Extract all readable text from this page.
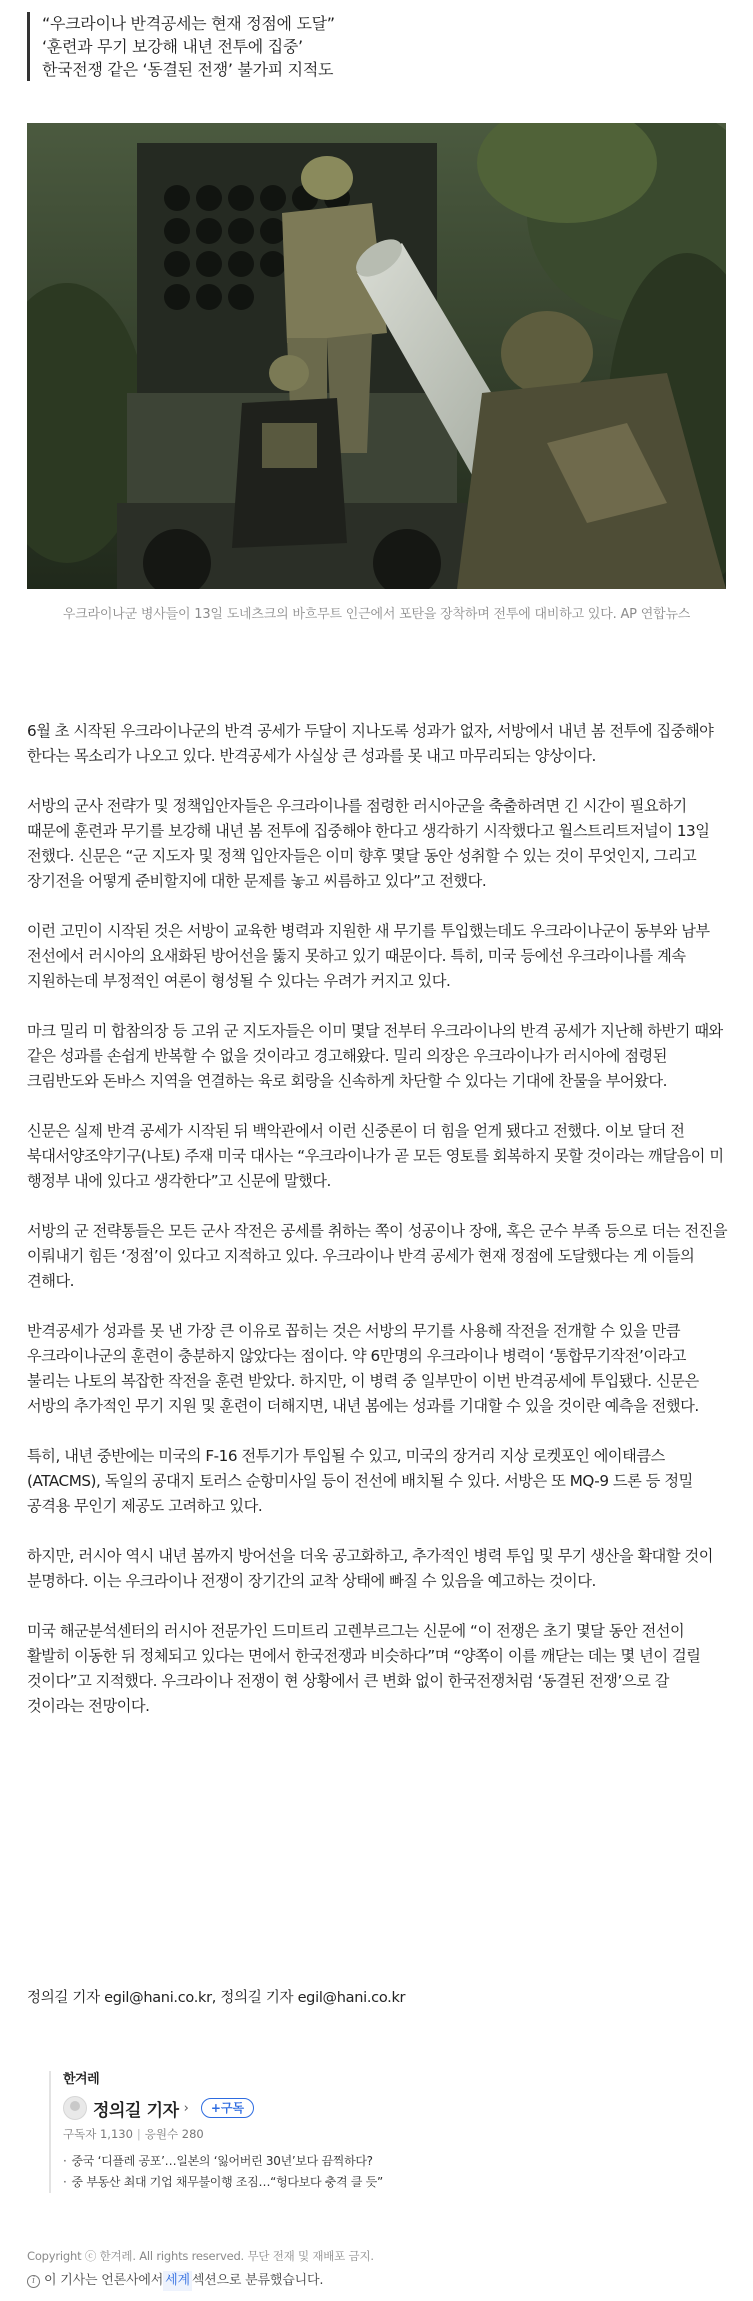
“우크라이나 반격공세는 현재 정점에 도달”

‘훈련과 무기 보강해 내년 전투에 집중’

한국전쟁 같은 ‘동결된 전쟁’ 불가피 지적도

우크라이나군 병사들이 13일 도네츠크의 바흐무트 인근에서 포탄을 장착하며 전투에 대비하고 있다. AP 연합뉴스

6월 초 시작된 우크라이나군의 반격 공세가 두달이 지나도록 성과가 없자, 서방에서 내년 봄 전투에 집중해야 한다는 목소리가 나오고 있다. 반격공세가 사실상 큰 성과를 못 내고 마무리되는 양상이다.

서방의 군사 전략가 및 정책입안자들은 우크라이나를 점령한 러시아군을 축출하려면 긴 시간이 필요하기 때문에 훈련과 무기를 보강해 내년 봄 전투에 집중해야 한다고 생각하기 시작했다고 월스트리트저널이 13일 전했다. 신문은 “군 지도자 및 정책 입안자들은 이미 향후 몇달 동안 성취할 수 있는 것이 무엇인지, 그리고 장기전을 어떻게 준비할지에 대한 문제를 놓고 씨름하고 있다”고 전했다.

이런 고민이 시작된 것은 서방이 교육한 병력과 지원한 새 무기를 투입했는데도 우크라이나군이 동부와 남부 전선에서 러시아의 요새화된 방어선을 뚫지 못하고 있기 때문이다. 특히, 미국 등에선 우크라이나를 계속 지원하는데 부정적인 여론이 형성될 수 있다는 우려가 커지고 있다.

마크 밀리 미 합참의장 등 고위 군 지도자들은 이미 몇달 전부터 우크라이나의 반격 공세가 지난해 하반기 때와 같은 성과를 손쉽게 반복할 수 없을 것이라고 경고해왔다. 밀리 의장은 우크라이나가 러시아에 점령된 크림반도와 돈바스 지역을 연결하는 육로 회랑을 신속하게 차단할 수 있다는 기대에 찬물을 부어왔다.

신문은 실제 반격 공세가 시작된 뒤 백악관에서 이런 신중론이 더 힘을 얻게 됐다고 전했다. 이보 달더 전 북대서양조약기구(나토) 주재 미국 대사는 “우크라이나가 곧 모든 영토를 회복하지 못할 것이라는 깨달음이 미 행정부 내에 있다고 생각한다”고 신문에 말했다.

서방의 군 전략통들은 모든 군사 작전은 공세를 취하는 쪽이 성공이나 장애, 혹은 군수 부족 등으로 더는 전진을 이뤄내기 힘든 ‘정점’이 있다고 지적하고 있다. 우크라이나 반격 공세가 현재 정점에 도달했다는 게 이들의 견해다.

반격공세가 성과를 못 낸 가장 큰 이유로 꼽히는 것은 서방의 무기를 사용해 작전을 전개할 수 있을 만큼 우크라이나군의 훈련이 충분하지 않았다는 점이다. 약 6만명의 우크라이나 병력이 ‘통합무기작전’이라고 불리는 나토의 복잡한 작전을 훈련 받았다. 하지만, 이 병력 중 일부만이 이번 반격공세에 투입됐다. 신문은 서방의 추가적인 무기 지원 및 훈련이 더해지면, 내년 봄에는 성과를 기대할 수 있을 것이란 예측을 전했다.

특히, 내년 중반에는 미국의 F-16 전투기가 투입될 수 있고, 미국의 장거리 지상 로켓포인 에이태큼스(ATACMS), 독일의 공대지 토러스 순항미사일 등이 전선에 배치될 수 있다. 서방은 또 MQ-9 드론 등 정밀 공격용 무인기 제공도 고려하고 있다.

하지만, 러시아 역시 내년 봄까지 방어선을 더욱 공고화하고, 추가적인 병력 투입 및 무기 생산을 확대할 것이 분명하다. 이는 우크라이나 전쟁이 장기간의 교착 상태에 빠질 수 있음을 예고하는 것이다.

미국 해군분석센터의 러시아 전문가인 드미트리 고렌부르그는 신문에 “이 전쟁은 초기 몇달 동안 전선이 활발히 이동한 뒤 정체되고 있다는 면에서 한국전쟁과 비슷하다”며 “양쪽이 이를 깨닫는 데는 몇 년이 걸릴 것이다”고 지적했다. 우크라이나 전쟁이 현 상황에서 큰 변화 없이 한국전쟁처럼 ‘동결된 전쟁’으로 갈 것이라는 전망이다.

정의길 기자 egil@hani.co.kr, 정의길 기자 egil@hani.co.kr
한겨레
정의길 기자 ›	+구독
구독자 1,130 | 응원수 280
· 중국 ‘디플레 공포’…일본의 ‘잃어버린 30년’보다 끔찍하다?
· 중 부동산 최대 기업 채무불이행 조짐…“헝다보다 충격 클 듯”
Copyright ⓒ 한겨레. All rights reserved. 무단 전재 및 재배포 금지.
i 이 기사는 언론사에서 세계 섹션으로 분류했습니다.
